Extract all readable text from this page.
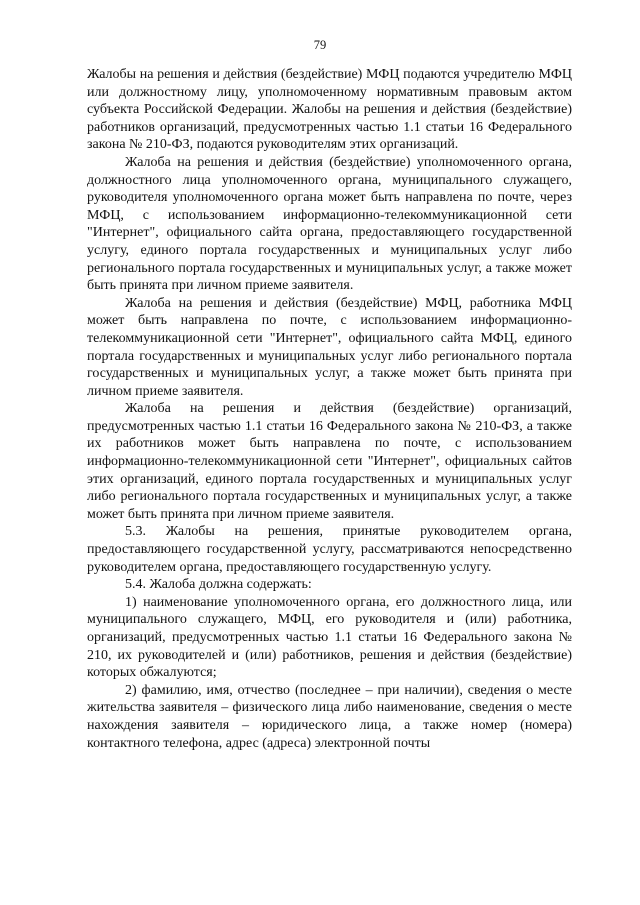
79

Жалобы на решения и действия (бездействие) МФЦ подаются учредителю МФЦ или должностному лицу, уполномоченному нормативным правовым актом субъекта Российской Федерации. Жалобы на решения и действия (бездействие) работников организаций, предусмотренных частью 1.1 статьи 16 Федерального закона № 210-ФЗ, подаются руководителям этих организаций.

Жалоба на решения и действия (бездействие) уполномоченного органа, должностного лица уполномоченного органа, муниципального служащего, руководителя уполномоченного органа может быть направлена по почте, через МФЦ, с использованием информационно-телекоммуникационной сети "Интернет", официального сайта органа, предоставляющего государственной услугу, единого портала государственных и муниципальных услуг либо регионального портала государственных и муниципальных услуг, а также может быть принята при личном приеме заявителя.

Жалоба на решения и действия (бездействие) МФЦ, работника МФЦ может быть направлена по почте, с использованием информационно-телекоммуникационной сети "Интернет", официального сайта МФЦ, единого портала государственных и муниципальных услуг либо регионального портала государственных и муниципальных услуг, а также может быть принята при личном приеме заявителя.

Жалоба на решения и действия (бездействие) организаций, предусмотренных частью 1.1 статьи 16 Федерального закона № 210-ФЗ, а также их работников может быть направлена по почте, с использованием информационно-телекоммуникационной сети "Интернет", официальных сайтов этих организаций, единого портала государственных и муниципальных услуг либо регионального портала государственных и муниципальных услуг, а также может быть принята при личном приеме заявителя.

5.3. Жалобы на решения, принятые руководителем органа, предоставляющего государственной услугу, рассматриваются непосредственно руководителем органа, предоставляющего государственную услугу.

5.4. Жалоба должна содержать:

1) наименование уполномоченного органа, его должностного лица, или муниципального служащего, МФЦ, его руководителя и (или) работника, организаций, предусмотренных частью 1.1 статьи 16 Федерального закона № 210, их руководителей и (или) работников, решения и действия (бездействие) которых обжалуются;

2) фамилию, имя, отчество (последнее – при наличии), сведения о месте жительства заявителя – физического лица либо наименование, сведения о месте нахождения заявителя – юридического лица, а также номер (номера) контактного телефона, адрес (адреса) электронной почты
